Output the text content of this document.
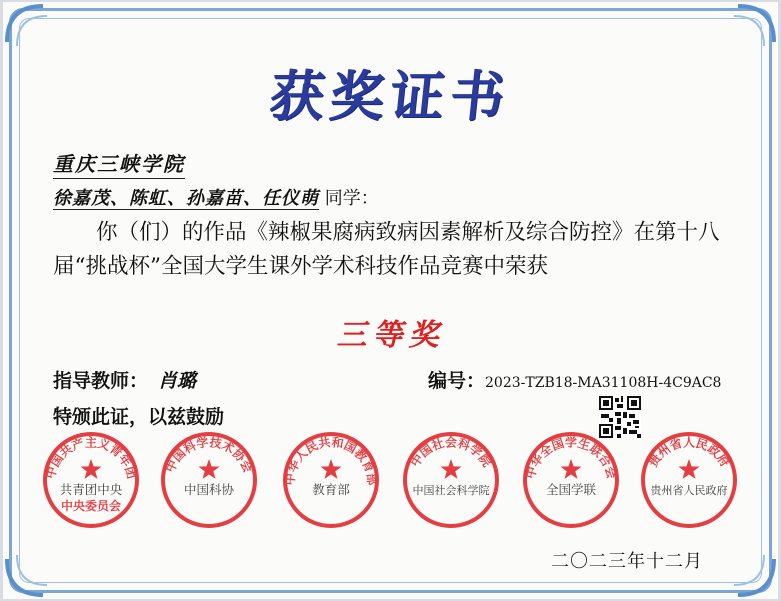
获奖证书
重庆三峡学院
徐嘉茂、陈虹、孙嘉苗、任仪萌 同学：
你（们）的作品《辣椒果腐病致病因素解析及综合防控》在第十八届“挑战杯”全国大学生课外学术科技作品竞赛中荣获
三等奖
指导教师： 肖璐	编号：2023-TZB18-MA31108H-4C9AC8
特颁此证，以兹鼓励
中国共产主义青年团
共青团中央
中央委员会
中国科学技术协会
中国科协
中华人民共和国教育部
教育部
中国社会科学院
中国社会科学院
中华全国学生联合会
全国学联
贵州省人民政府
贵州省人民政府
二〇二三年十二月
